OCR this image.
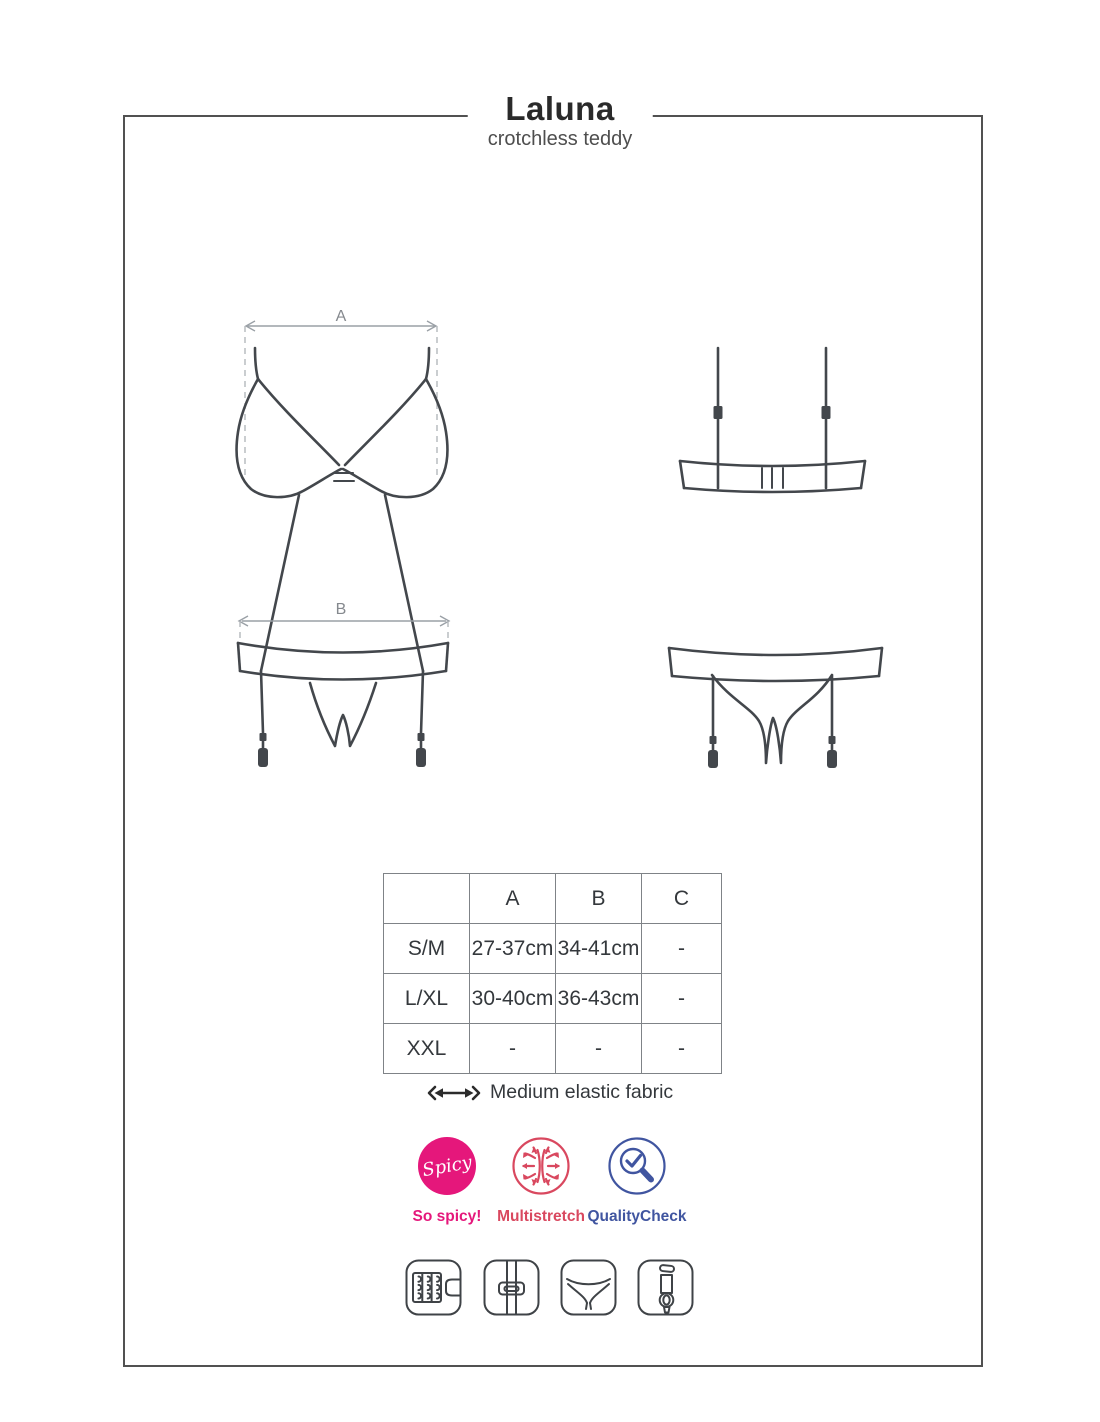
Laluna
crotchless teddy
A
B
	A	B	C
S/M	27-37cm	34-41cm	-
L/XL	30-40cm	36-43cm	-
XXL	-	-	-
Medium elastic fabric
Spicy
So spicy!	Multistretch QualityCheck
